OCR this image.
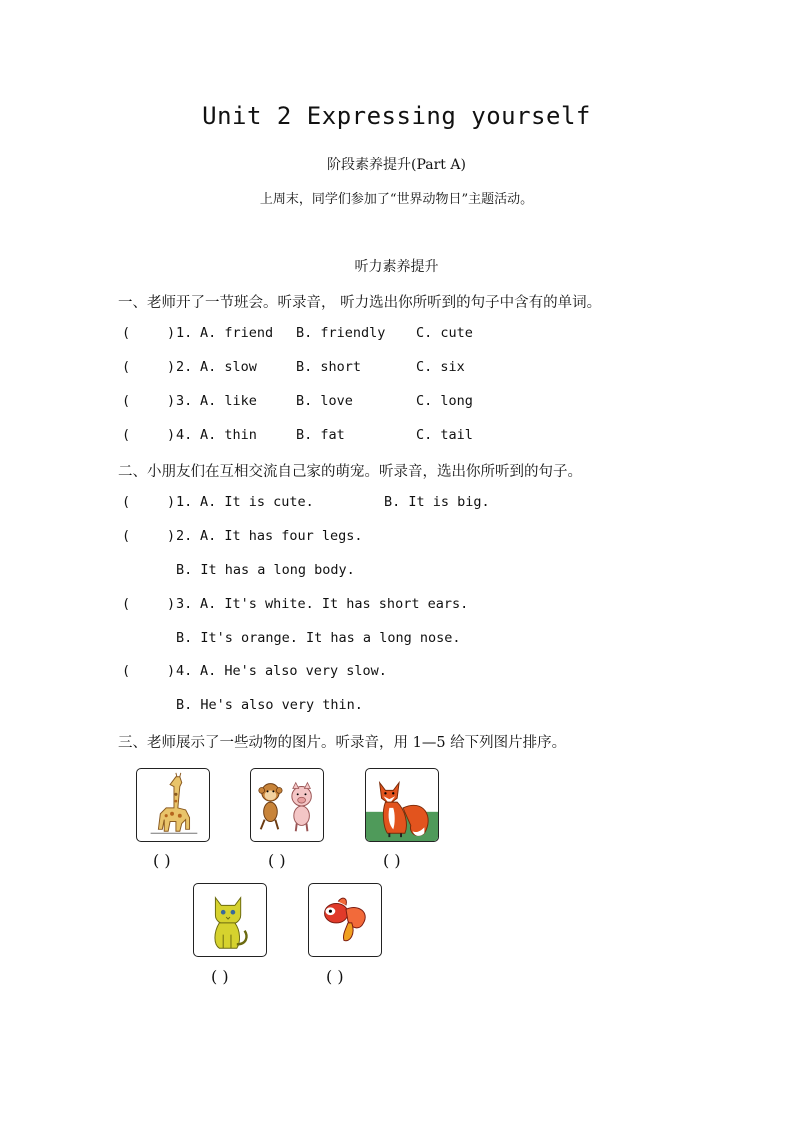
Unit 2 Expressing yourself
阶段素养提升(Part A)
上周末，同学们参加了“世界动物日”主题活动。
听力素养提升
一、老师开了一节班会。听录音， 听力选出你所听到的句子中含有的单词。
(	) 1. A. friend B. friendly C. cute
(	) 2. A. slow	B. short	C. six
(	) 3. A. like	B. love	C. long
(	) 4. A. thin	B. fat	C. tail
二、小朋友们在互相交流自己家的萌宠。听录音，选出你所听到的句子。
(	) 1. A. It is cute.	B. It is big.
(	) 2. A. It has four legs.
B. It has a long body.
(	) 3. A. It's white. It has short ears.
B. It's orange. It has a long nose.
(	) 4. A. He's also very slow.
B. He's also very thin.
三、老师展示了一些动物的图片。听录音，用 1—5 给下列图片排序。
( )	( )	( )
( )	( )
